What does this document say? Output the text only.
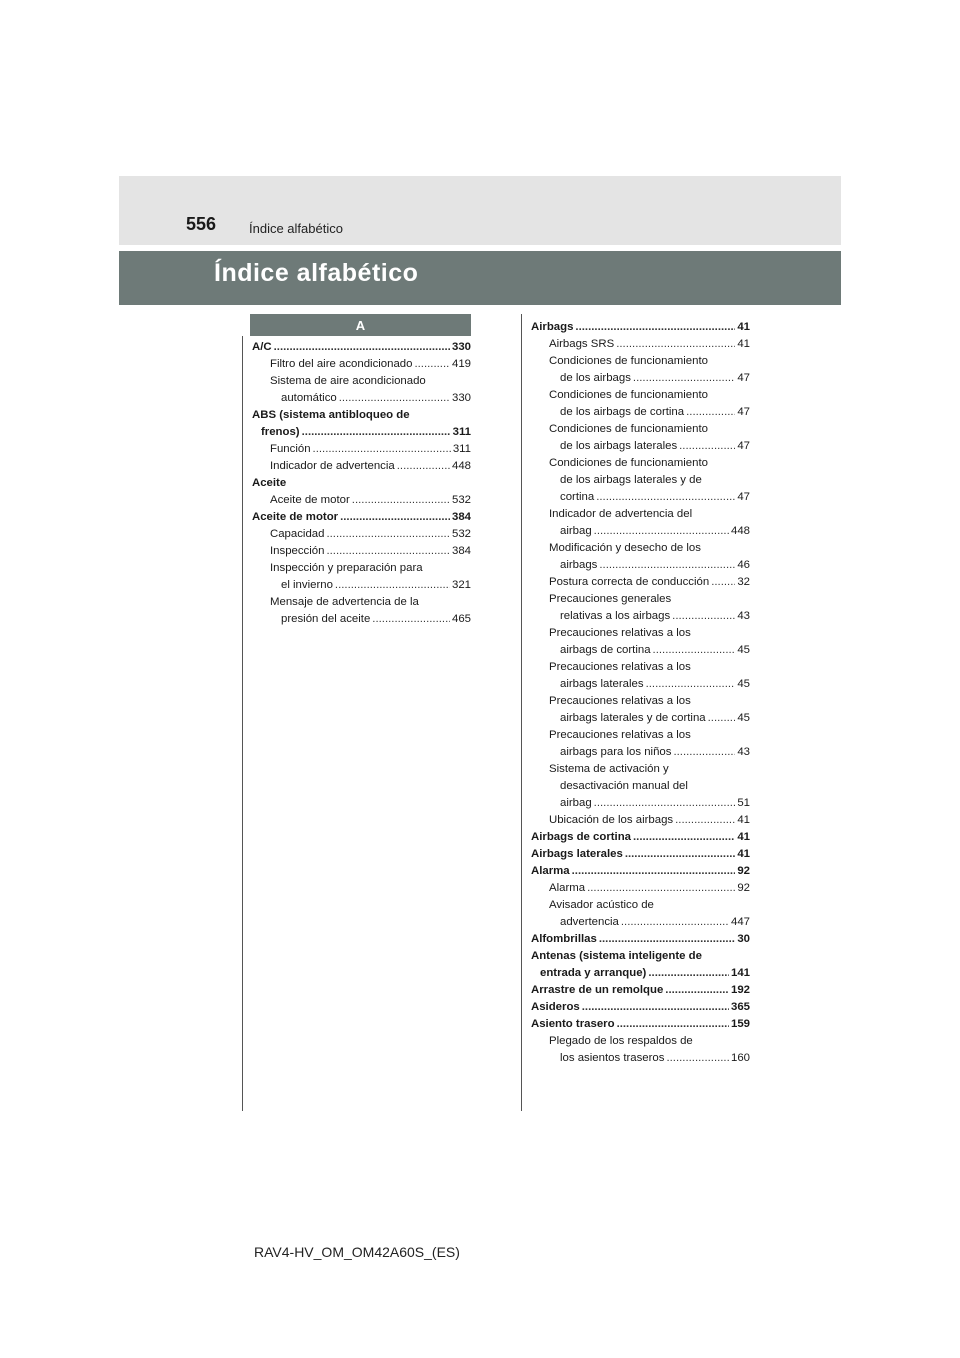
556	Índice alfabético
Índice alfabético
A
A/C .....	330
Filtro del aire acondicionado .....	419
Sistema de aire acondicionado
automático .....	330
ABS (sistema antibloqueo de
frenos) .....	311
Función .....	311
Indicador de advertencia .....	448
Aceite
Aceite de motor .....	532
Aceite de motor .....	384
Capacidad .....	532
Inspección .....	384
Inspección y preparación para
el invierno .....	321
Mensaje de advertencia de la
presión del aceite .....	465
Airbags .....	41
Airbags SRS .....	41
Condiciones de funcionamiento
de los airbags .....	47
Condiciones de funcionamiento
de los airbags de cortina .....	47
Condiciones de funcionamiento
de los airbags laterales .....	47
Condiciones de funcionamiento
de los airbags laterales y de
cortina .....	47
Indicador de advertencia del
airbag .....	448
Modificación y desecho de los
airbags .....	46
Postura correcta de conducción ..... 32
Precauciones generales
relativas a los airbags .....	43
Precauciones relativas a los
airbags de cortina .....	45
Precauciones relativas a los
airbags laterales .....	45
Precauciones relativas a los
airbags laterales y de cortina .....	45
Precauciones relativas a los
airbags para los niños .....	43
Sistema de activación y
desactivación manual del
airbag .....	51
Ubicación de los airbags .....	41
Airbags de cortina .....	41
Airbags laterales .....	41
Alarma .....	92
Alarma .....	92
Avisador acústico de
advertencia .....	447
Alfombrillas .....	30
Antenas (sistema inteligente de
entrada y arranque) .....	141
Arrastre de un remolque .....	192
Asideros .....	365
Asiento trasero .....	159
Plegado de los respaldos de
los asientos traseros .....	160
RAV4-HV_OM_OM42A60S_(ES)
